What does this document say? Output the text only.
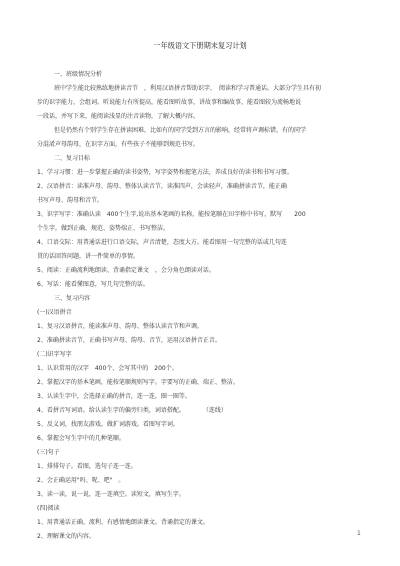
一年级语文下册期末复习计划
一、班级情况分析
班中学生能比较熟练地拼读音节　，利用汉语拼音帮助识字，　阅读和学习普通话。大部分学生具有初
步的识字能力，会组词。听说能力有所提高，能看图听故事，讲故事和编故事，能看图较为流畅地说
一段话，并写下来，能阅读浅显的注音读物，了解大概内容。
但是仍然有个别学生存在拼读困难，比如有的同学受到方言的影响，经常将声调标错，有的同学
分混淆声母韵母，在识字方面，有些孩子不能够到规范书写。
二、复习目标
1、学习习惯：进一步掌握正确的读书姿势，写字姿势和握笔方法，养成良好的读书和书写习惯。
2、汉语拼音：读准声母、韵母、整体认读音节，读准四声，会读轻声，准确拼读音节，能正确
书写声母、韵母和音节。
3、识字写字：准确认读　400个生字,说出基本笔画的名称，能按笔顺在田字格中书写，默写　　200
个生字，做到正确、规范、姿势端正、书写整洁。
4、口语交际：用普通话进行口语交际，声音清楚，态度大方。能看图用一句完整的话或几句连
贯的话回答问题，讲一件简单的事情。
5、阅读：正确流利地朗读、背诵指定课文　，会分角色朗读对话。
6、写话：能看懂图意，写几句完整的话。
三、复习内容
(一)汉语拼音
1、复习汉语拼音，能读准声母、韵母、整体认读音节和声调。
2、准确拼读音节，正确书写声母、韵母、音节，运用汉语拼音正音。
(二)识字写字
1、认识常用的汉字　400个，会写其中的　200个。
2、掌握汉字的基本笔画，能按笔顺规则写字。字要写的正确、端正、整洁。
3、认读生字中，会选择正确的拼音，连一连，圈一圈等。
4、看拼音写词语。给认读生字的偏旁归类，词语搭配。　　　　（连线）
5、反义词，找朋友游戏。做扩词游戏。看图写字词。
6、掌握会写生字中的几种笔顺。
(三)句子
1、排排句子。看图，选句子连一连。
2、会正确运用"吗、呢、吧"　。
3、读一读，说一说，连一连填空。读短文，填写生字。
(四)阅读
1、用普通话正确、流利、有感情地朗读课文。背诵指定的课文。
2、理解课文的内容。	1
